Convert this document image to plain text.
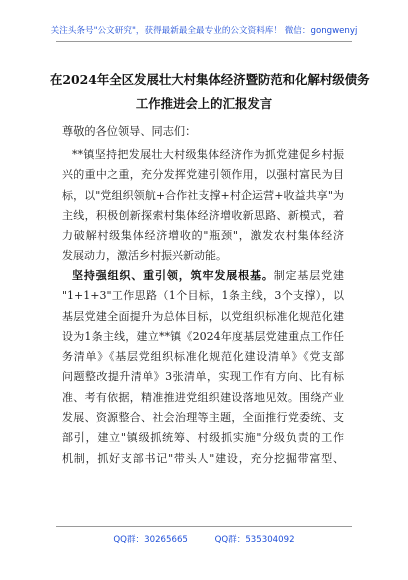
关注头条号"公文研究"，获得最新最全最专业的公文资料库！ 微信：gongwenyj
在2024年全区发展壮大村集体经济暨防范和化解村级债务
工作推进会上的汇报发言
尊敬的各位领导、同志们：
**镇坚持把发展壮大村级集体经济作为抓党建促乡村振
兴的重中之重，充分发挥党建引领作用，以强村富民为目
标，以"党组织领航+合作社支撑+村企运营+收益共享"为
主线，积极创新探索村集体经济增收新思路、新模式，着
力破解村级集体经济增收的"瓶颈"，激发农村集体经济
发展动力，激活乡村振兴新动能。
坚持强组织、重引领，筑牢发展根基。制定基层党建
"1+1+3"工作思路（1个目标，1条主线，3个支撑），以
基层党建全面提升为总体目标，以党组织标准化规范化建
设为1条主线，建立**镇《2024年度基层党建重点工作任
务清单》《基层党组织标准化规范化建设清单》《党支部
问题整改提升清单》3张清单，实现工作有方向、比有标
准、考有依据，精准推进党组织建设落地见效。围绕产业
发展、资源整合、社会治理等主题，全面推行党委统、支
部引，建立"镇级抓统筹、村级抓实施"分级负责的工作
机制，抓好支部书记"带头人"建设，充分挖掘带富型、
QQ群：30265665	QQ群：535304092
